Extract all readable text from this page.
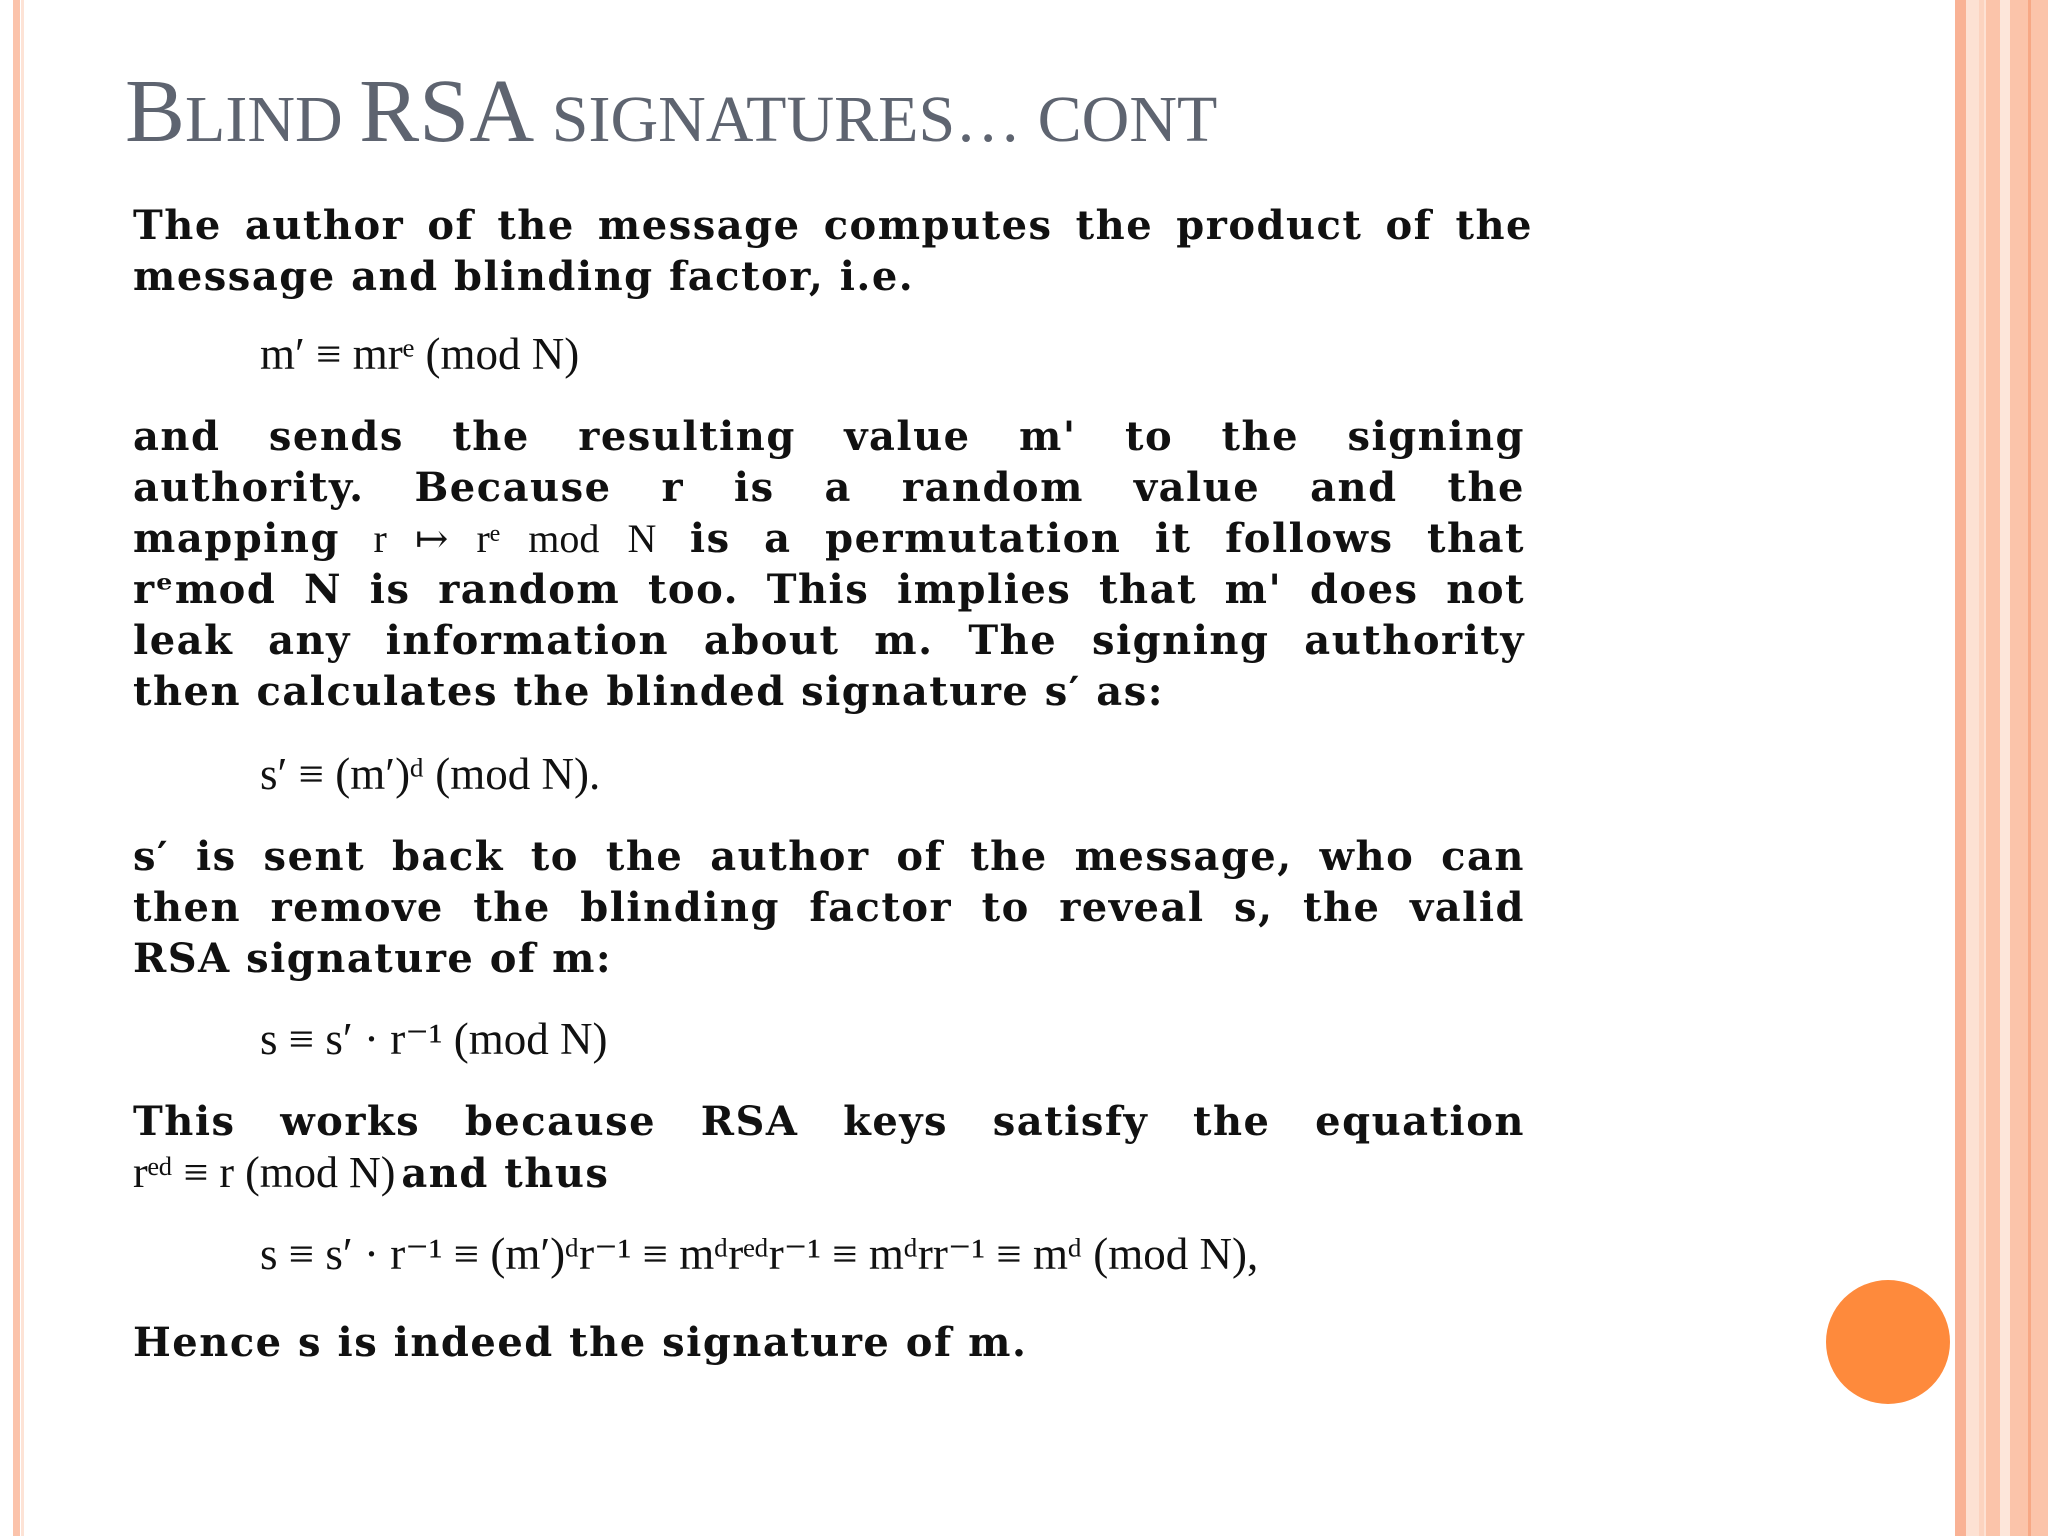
BLIND RSA SIGNATURES… CONT

The author of the message computes the product of the message and blinding factor, i.e.

m′ ≡ mrᵉ (mod N)

and sends the resulting value m' to the signing

authority. Because r is a random value and the

mapping r ↦ rᵉ mod N is a permutation it follows that

rᵉmod N is random too. This implies that m' does not

leak any information about m. The signing authority

then calculates the blinded signature s′ as:

s′ ≡ (m′)ᵈ (mod N).

s′ is sent back to the author of the message, who can

then remove the blinding factor to reveal s, the valid

RSA signature of m:

s ≡ s′ · r⁻¹ (mod N)

This works because RSA keys satisfy the equation

rᵉᵈ ≡ r (mod N) and thus

s ≡ s′ · r⁻¹ ≡ (m′)ᵈr⁻¹ ≡ mᵈrᵉᵈr⁻¹ ≡ mᵈrr⁻¹ ≡ mᵈ (mod N),

Hence s is indeed the signature of m.
